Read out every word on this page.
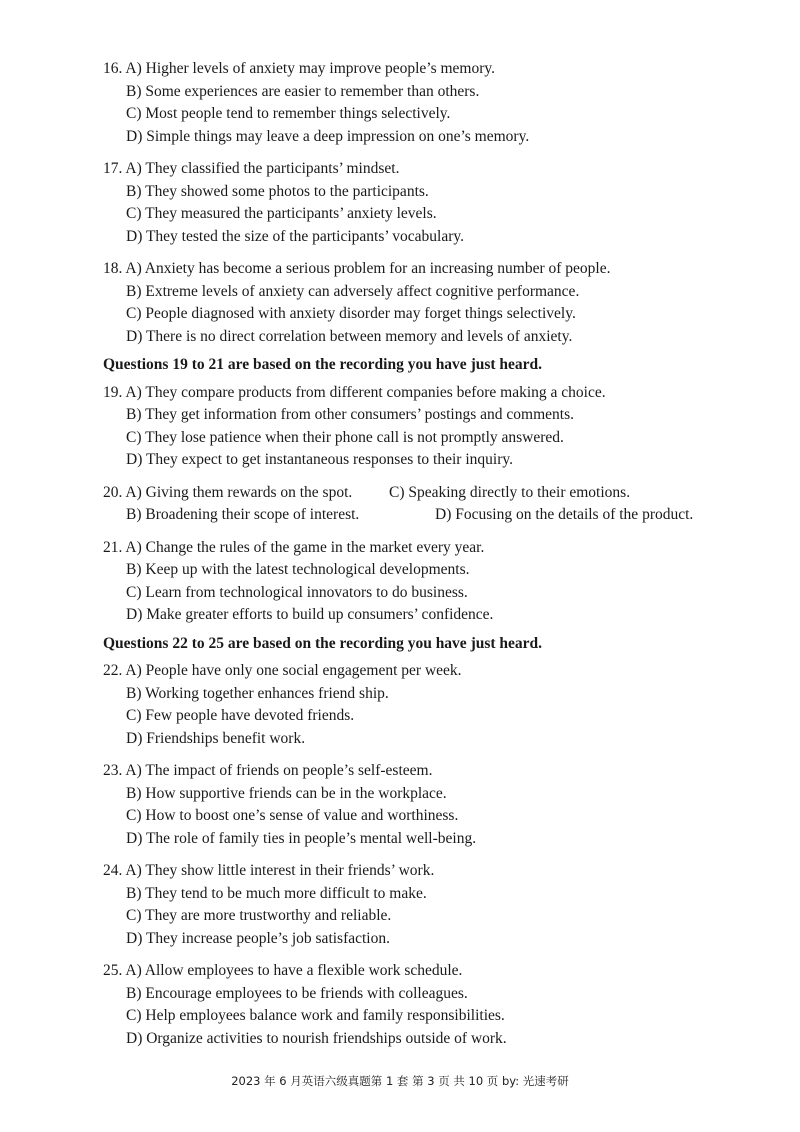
16. A) Higher levels of anxiety may improve people’s memory.
B) Some experiences are easier to remember than others.
C) Most people tend to remember things selectively.
D) Simple things may leave a deep impression on one’s memory.
17. A) They classified the participants’ mindset.
B) They showed some photos to the participants.
C) They measured the participants’ anxiety levels.
D) They tested the size of the participants’ vocabulary.
18. A) Anxiety has become a serious problem for an increasing number of people.
B) Extreme levels of anxiety can adversely affect cognitive performance.
C) People diagnosed with anxiety disorder may forget things selectively.
D) There is no direct correlation between memory and levels of anxiety.
Questions 19 to 21 are based on the recording you have just heard.
19. A) They compare products from different companies before making a choice.
B) They get information from other consumers’ postings and comments.
C) They lose patience when their phone call is not promptly answered.
D) They expect to get instantaneous responses to their inquiry.
20. A) Giving them rewards on the spot.	C) Speaking directly to their emotions.
B) Broadening their scope of interest.	D) Focusing on the details of the product.
21. A) Change the rules of the game in the market every year.
B) Keep up with the latest technological developments.
C) Learn from technological innovators to do business.
D) Make greater efforts to build up consumers’ confidence.
Questions 22 to 25 are based on the recording you have just heard.
22. A) People have only one social engagement per week.
B) Working together enhances friend ship.
C) Few people have devoted friends.
D) Friendships benefit work.
23. A) The impact of friends on people’s self-esteem.
B) How supportive friends can be in the workplace.
C) How to boost one’s sense of value and worthiness.
D) The role of family ties in people’s mental well-being.
24. A) They show little interest in their friends’ work.
B) They tend to be much more difficult to make.
C) They are more trustworthy and reliable.
D) They increase people’s job satisfaction.
25. A) Allow employees to have a flexible work schedule.
B) Encourage employees to be friends with colleagues.
C) Help employees balance work and family responsibilities.
D) Organize activities to nourish friendships outside of work.
2023 年 6 月英语六级真题第 1 套 第 3 页 共 10 页 by: 光速考研
